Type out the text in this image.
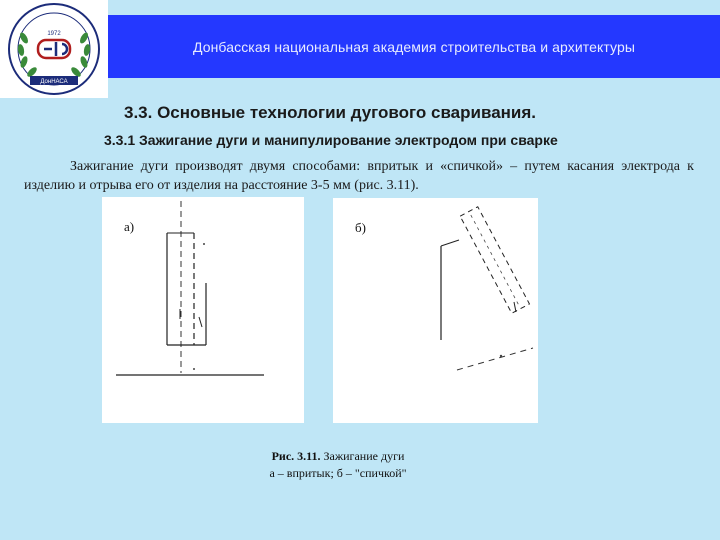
1972
ДонНАСА
Донбасская национальная академия строительства и архитектуры
3.3. Основные технологии дугового сваривания.
3.3.1 Зажигание дуги и манипулирование электродом при сварке
Зажигание дуги производят двумя способами: впритык и «спичкой» – путем касания электрода к изделию и отрыва его от изделия на расстояние 3-5 мм (рис. 3.11).
а)	б)
Рис. 3.11. Зажигание дуги
а – впритык; б – "спичкой"
